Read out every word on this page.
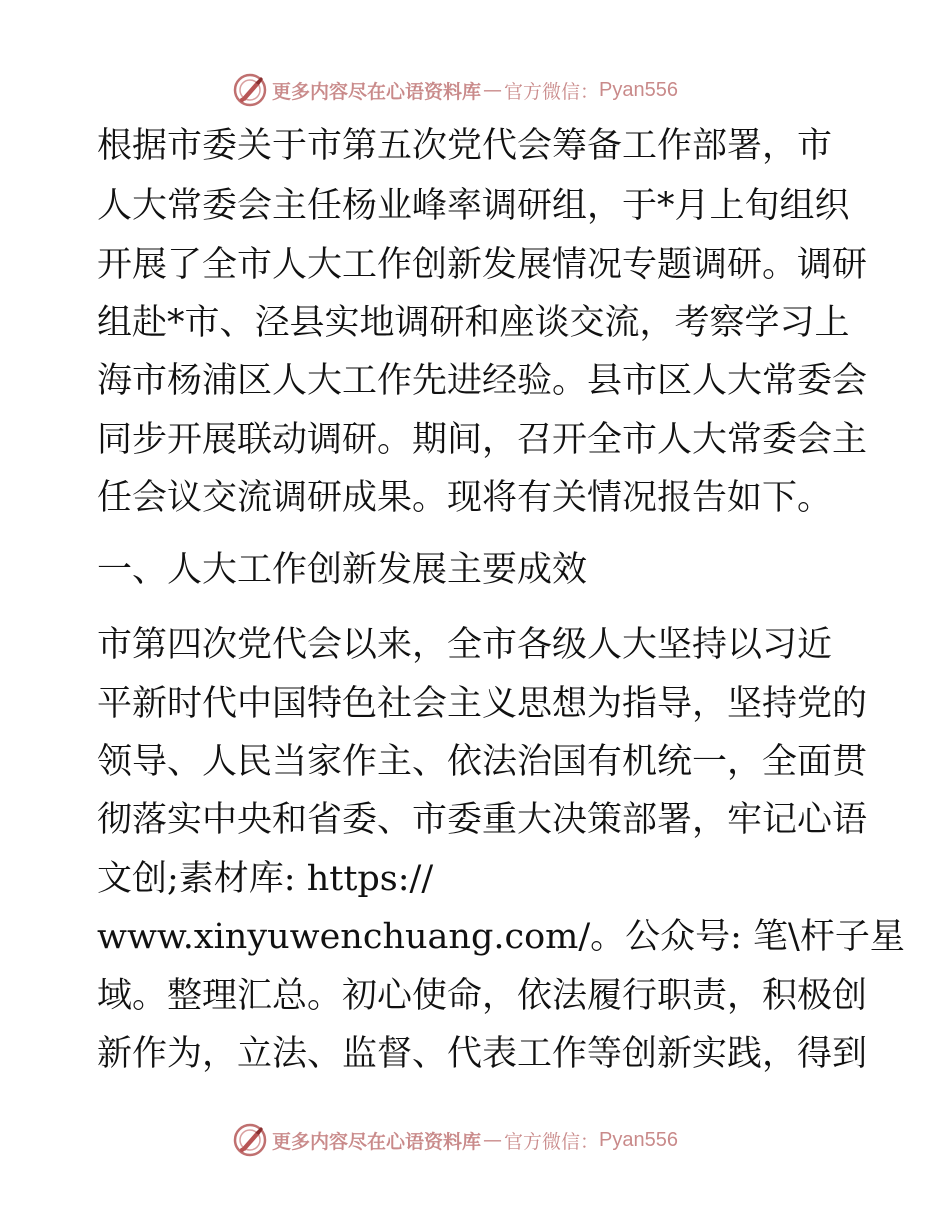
更多内容尽在心语资料库 — 官方微信： Pyan556
根据市委关于市第五次党代会筹备工作部署，市
人大常委会主任杨业峰率调研组，于*月上旬组织
开展了全市人大工作创新发展情况专题调研。调研
组赴*市、泾县实地调研和座谈交流，考察学习上
海市杨浦区人大工作先进经验。县市区人大常委会
同步开展联动调研。期间，召开全市人大常委会主
任会议交流调研成果。现将有关情况报告如下。
一、人大工作创新发展主要成效
市第四次党代会以来，全市各级人大坚持以习近
平新时代中国特色社会主义思想为指导，坚持党的
领导、人民当家作主、依法治国有机统一，全面贯
彻落实中央和省委、市委重大决策部署，牢记心语
文创;素材库: https://
www.xinyuwenchuang.com/。公众号: 笔\杆子星
域。整理汇总。初心使命，依法履行职责，积极创
新作为，立法、监督、代表工作等创新实践，得到
更多内容尽在心语资料库 — 官方微信： Pyan556
